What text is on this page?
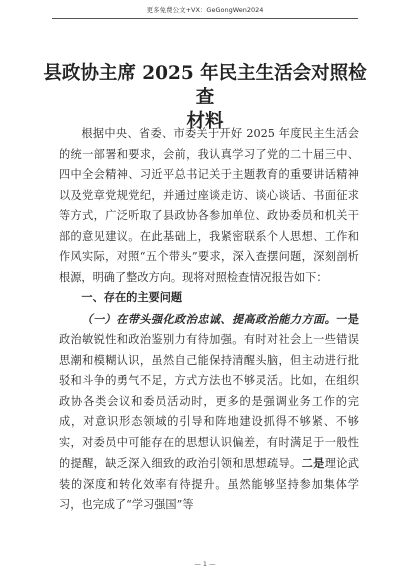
更多免费公文+VX：GeGongWen2024
县政协主席 2025 年民主生活会对照检查
材料

根据中央、省委、市委关于开好 2025 年度民主生活会的统一部署和要求，会前，我认真学习了党的二十届三中、四中全会精神、习近平总书记关于主题教育的重要讲话精神以及党章党规党纪，并通过座谈走访、谈心谈话、书面征求等方式，广泛听取了县政协各参加单位、政协委员和机关干部的意见建议。在此基础上，我紧密联系个人思想、工作和作风实际，对照“五个带头”要求，深入查摆问题，深刻剖析根源，明确了整改方向。现将对照检查情况报告如下：

一、存在的主要问题

（一）在带头强化政治忠诚、提高政治能力方面。一是政治敏锐性和政治鉴别力有待加强。有时对社会上一些错误思潮和模糊认识，虽然自己能保持清醒头脑，但主动进行批驳和斗争的勇气不足，方式方法也不够灵活。比如，在组织政协各类会议和委员活动时，更多的是强调业务工作的完成，对意识形态领域的引导和阵地建设抓得不够紧、不够实，对委员中可能存在的思想认识偏差，有时满足于一般性的提醒，缺乏深入细致的政治引领和思想疏导。二是理论武装的深度和转化效率有待提升。虽然能够坚持参加集体学习，也完成了“学习强国”等

— 1 —
